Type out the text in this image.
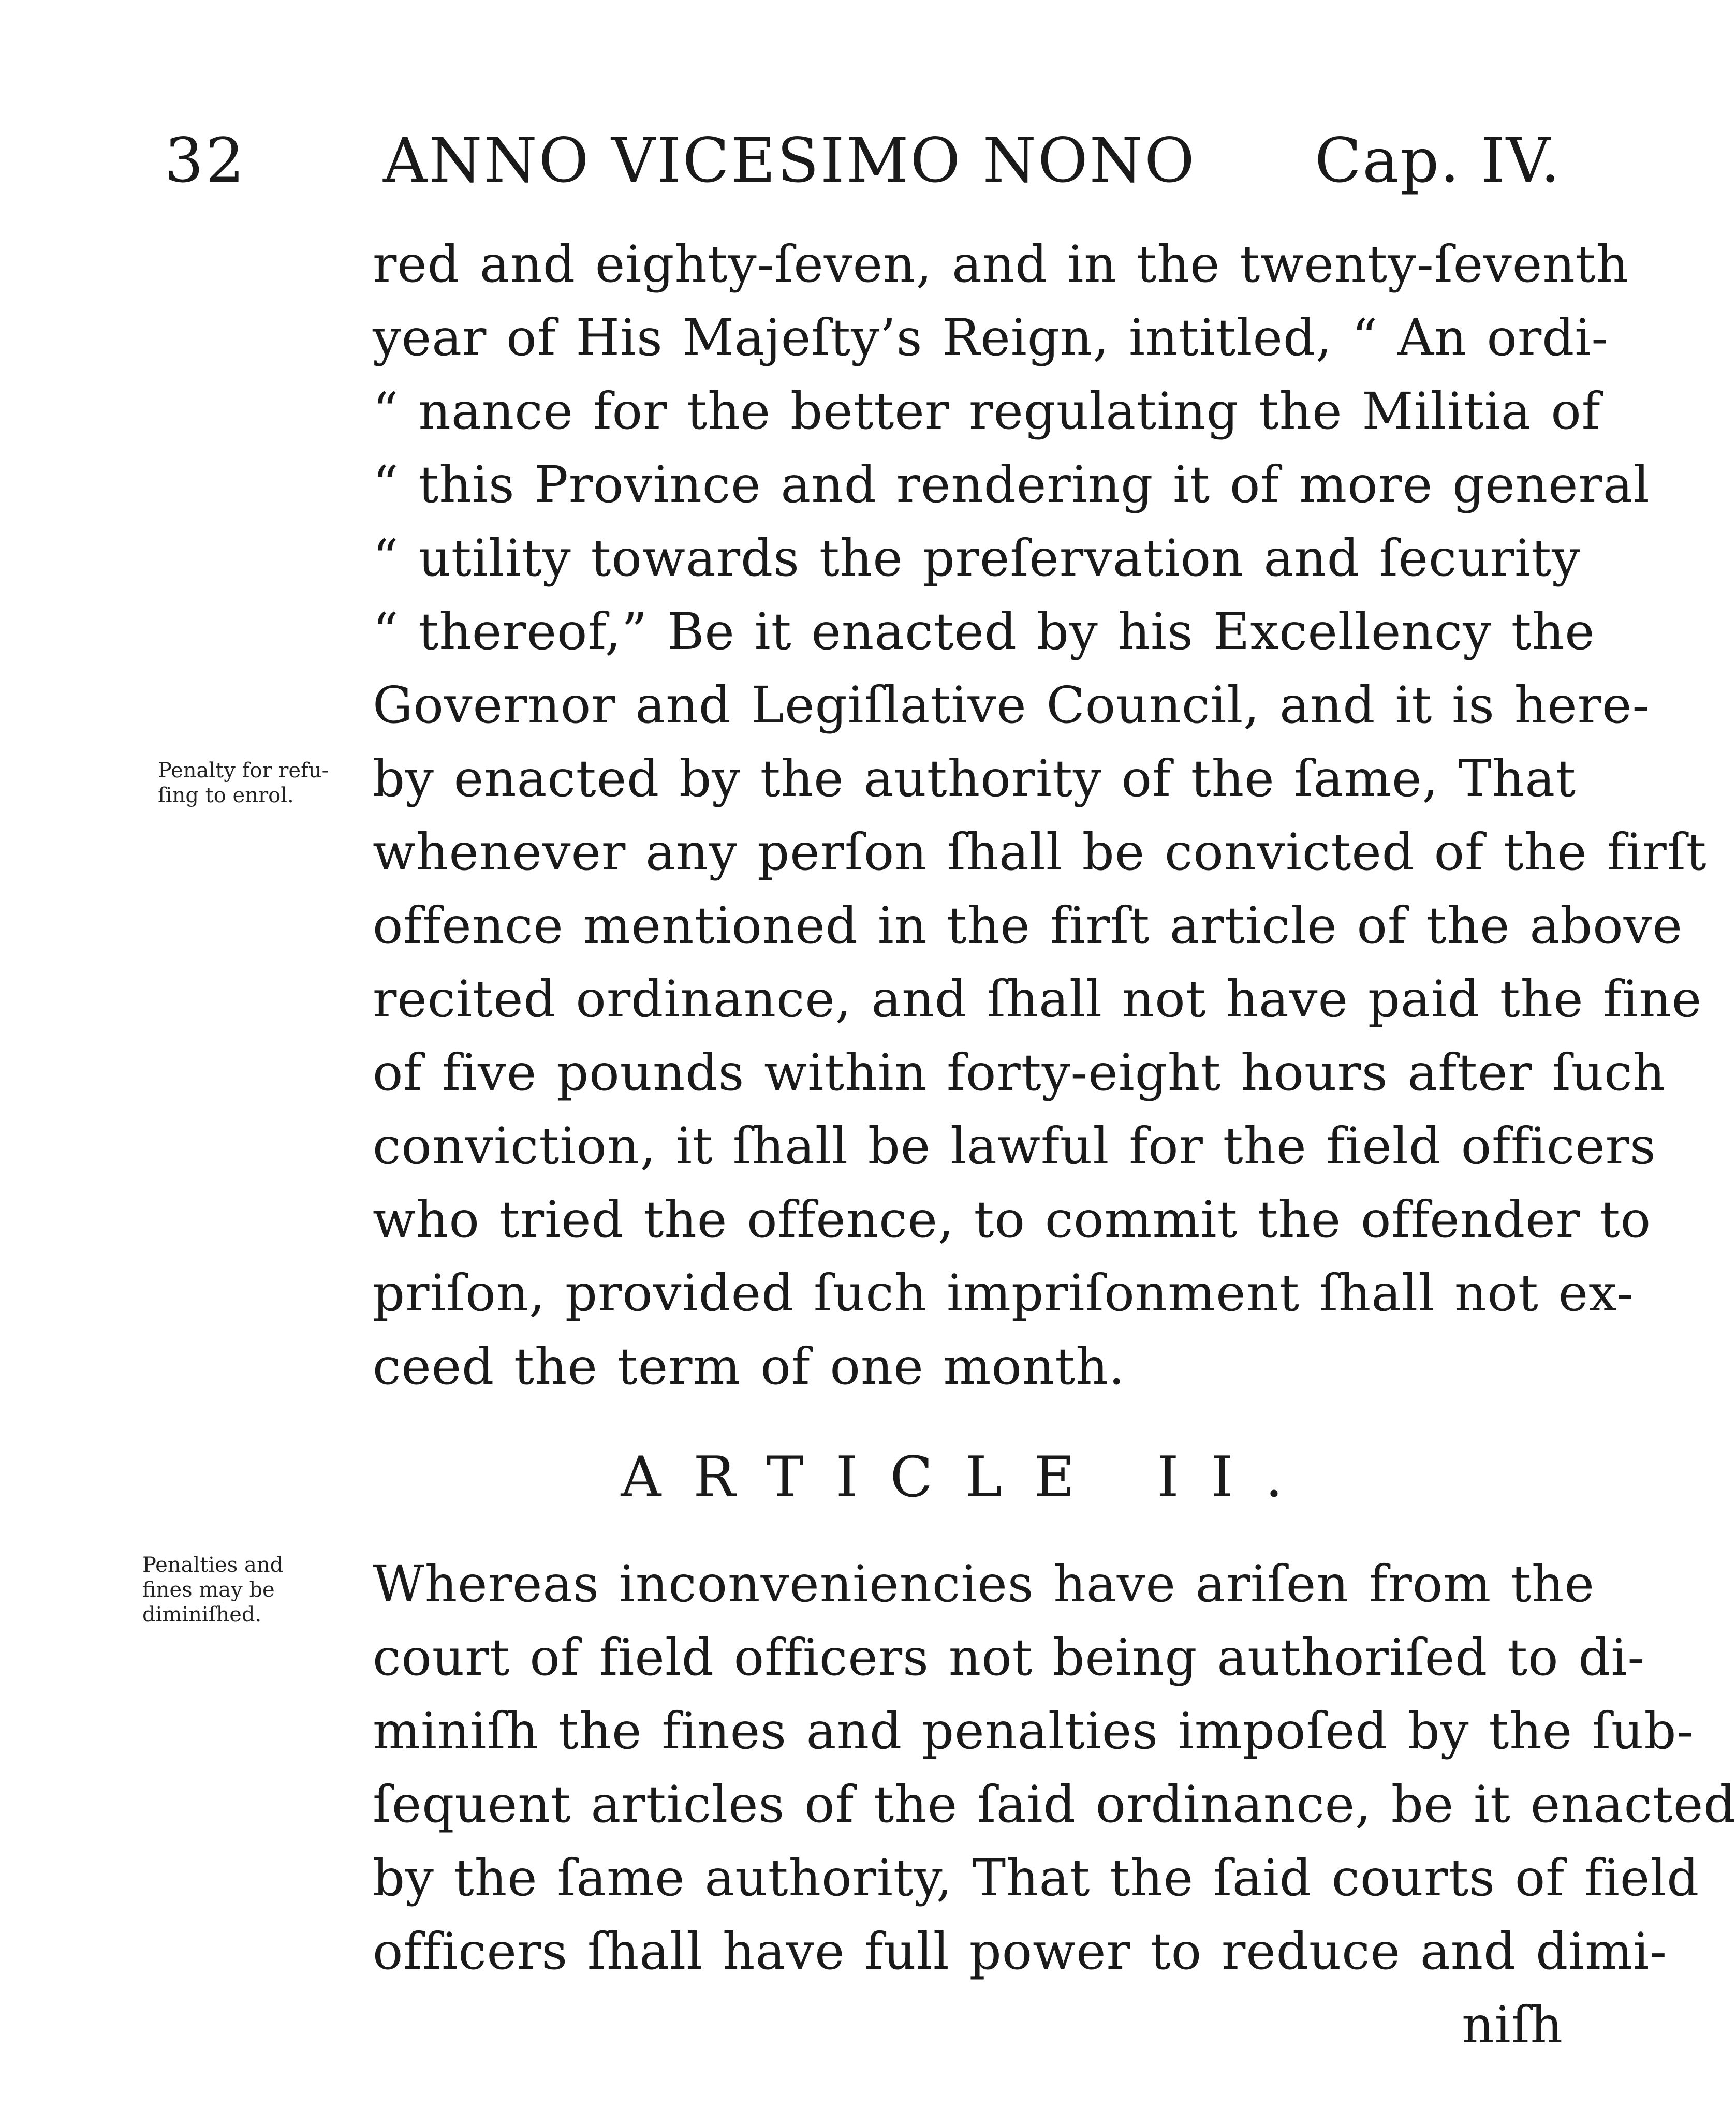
32 ANNO VICESIMO NONO Cap. IV.
Penalty for refu-
ſing to enrol.
red and eighty-ſeven, and in the twenty-ſeventh
year of His Majeſty’s Reign, intitled, “ An ordi-
“ nance for the better regulating the Militia of
“ this Province and rendering it of more general
“ utility towards the preſervation and ſecurity
“ thereof,” Be it enacted by his Excellency the
Governor and Legiſlative Council, and it is here-
by enacted by the authority of the ſame, That
whenever any perſon ſhall be convicted of the firſt
offence mentioned in the firſt article of the above
recited ordinance, and ſhall not have paid the fine
of five pounds within forty-eight hours after ſuch
conviction, it ſhall be lawful for the field officers
who tried the offence, to commit the offender to
priſon, provided ſuch impriſonment ſhall not ex-
ceed the term of one month.
ARTICLE II.
Penalties and
fines may be
diminiſhed.
Whereas inconveniencies have ariſen from the
court of field officers not being authoriſed to di-
miniſh the fines and penalties impoſed by the ſub-
ſequent articles of the ſaid ordinance, be it enacted
by the ſame authority, That the ſaid courts of field
officers ſhall have full power to reduce and dimi-
niſh
